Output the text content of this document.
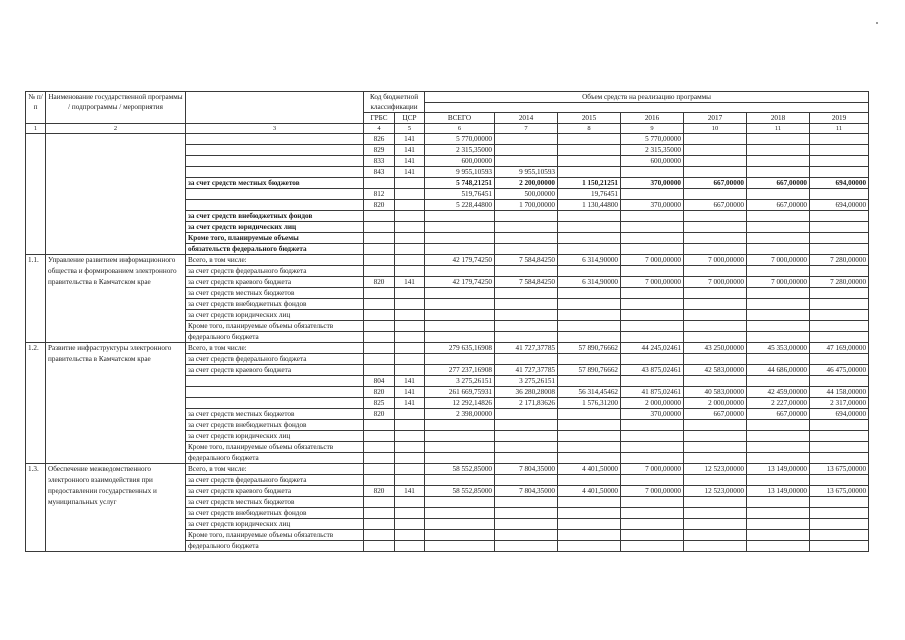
№ п/п	Наименование государственной программы / подпрограммы / мероприятия		Код бюджетной классификации		Объем средств на реализацию программы						

			ГРБС	ЦСР	ВСЕГО	2014	2015	2016	2017	2018	2019
1	2	3	4	5	6	7	8	9	10	11	11
			826	141	5 770,00000			5 770,00000			
			829	141	2 315,35000			2 315,35000			
			833	141	600,00000			600,00000			
			843	141	9 955,10593	9 955,10593					
		за счет средств местных бюджетов			5 748,21251	2 200,00000	1 150,21251	370,00000	667,00000	667,00000	694,00000
			812		519,76451	500,00000	19,76451				
			820		5 228,44800	1 700,00000	1 130,44800	370,00000	667,00000	667,00000	694,00000
		за счет средств внебюджетных фондов									
		за счет средств юридических лиц									
		Кроме того, планируемые объемы									
		обязательств федерального бюджета									
1.1.	Управление развитием информационного общества и формированием электронного правительства в Камчатском крае	Всего, в том числе:			42 179,74250	7 584,84250	6 314,90000	7 000,00000	7 000,00000	7 000,00000	7 280,00000
		за счет средств федерального бюджета									
		за счет средств краевого бюджета	820	141	42 179,74250	7 584,84250	6 314,90000	7 000,00000	7 000,00000	7 000,00000	7 280,00000
		за счет средств местных бюджетов									
		за счет средств внебюджетных фондов									
		за счет средств юридических лиц									
		Кроме того, планируемые объемы обязательств									
		федерального бюджета									
1.2.	Развитие инфраструктуры электронного правительства в Камчатском крае	Всего, в том числе:			279 635,16908	41 727,37785	57 890,76662	44 245,02461	43 250,00000	45 353,00000	47 169,00000
		за счет средств федерального бюджета									
		за счет средств краевого бюджета			277 237,16908	41 727,37785	57 890,76662	43 875,02461	42 583,00000	44 686,00000	46 475,00000
			804	141	3 275,26151	3 275,26151					
			820	141	261 669,75931	36 280,28008	56 314,45462	41 875,02461	40 583,00000	42 459,00000	44 158,00000
			825	141	12 292,14826	2 171,83626	1 576,31200	2 000,00000	2 000,00000	2 227,00000	2 317,00000
		за счет средств местных бюджетов	820		2 398,00000			370,00000	667,00000	667,00000	694,00000
		за счет средств внебюджетных фондов									
		за счет средств юридических лиц									
		Кроме того, планируемые объемы обязательств									
		федерального бюджета									
1.3.	Обеспечение межведомственного электронного взаимодействия при предоставлении государственных и муниципальных услуг	Всего, в том числе:			58 552,85000	7 804,35000	4 401,50000	7 000,00000	12 523,00000	13 149,00000	13 675,00000
		за счет средств федерального бюджета									
		за счет средств краевого бюджета	820	141	58 552,85000	7 804,35000	4 401,50000	7 000,00000	12 523,00000	13 149,00000	13 675,00000
		за счет средств местных бюджетов									
		за счет средств внебюджетных фондов									
		за счет средств юридических лиц									
		Кроме того, планируемые объемы обязательств									
		федерального бюджета									
